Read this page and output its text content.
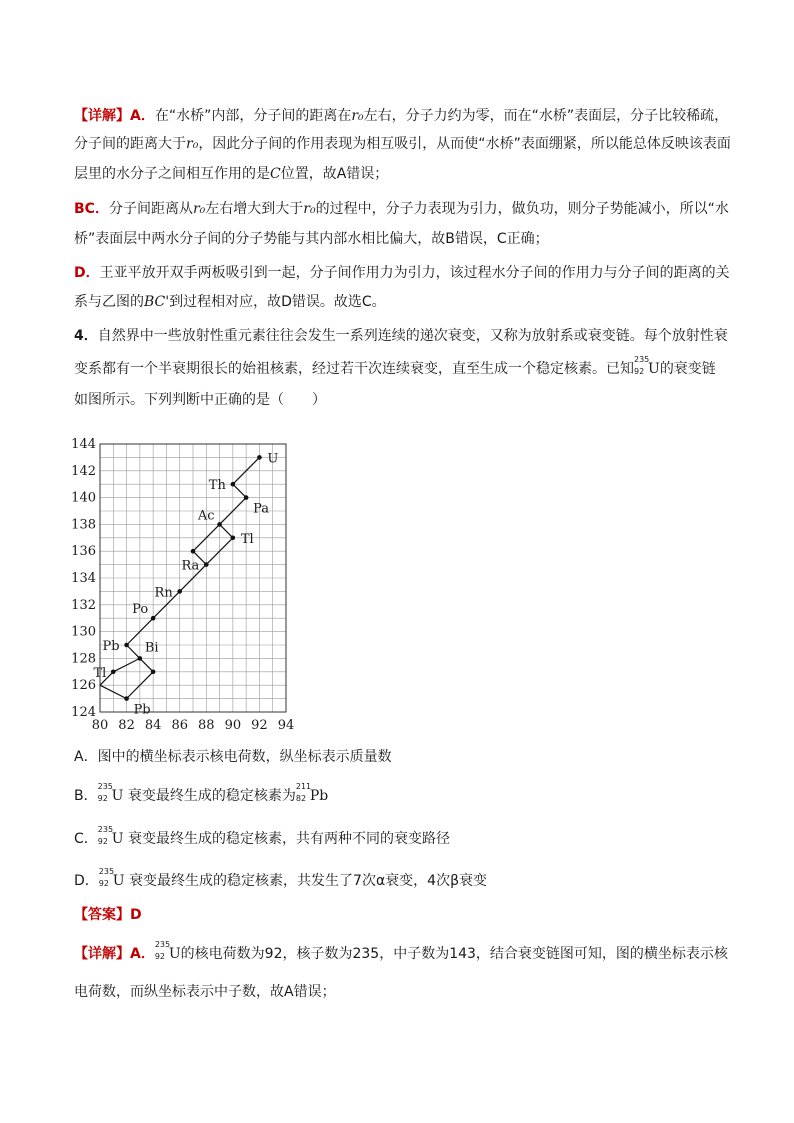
【详解】A．在“水桥”内部，分子间的距离在r₀左右，分子力约为零，而在“水桥”表面层，分子比较稀疏，
分子间的距离大于r₀，因此分子间的作用表现为相互吸引，从而使“水桥”表面绷紧，所以能总体反映该表面
层里的水分子之间相互作用的是C位置，故A错误；
BC．分子间距离从r₀左右增大到大于r₀的过程中，分子力表现为引力，做负功，则分子势能减小，所以“水
桥”表面层中两水分子间的分子势能与其内部水相比偏大，故B错误，C正确；
D．王亚平放开双手两板吸引到一起，分子间作用力为引力，该过程水分子间的作用力与分子间的距离的关
系与乙图的BC'到过程相对应，故D错误。故选C。
4．自然界中一些放射性重元素往往会发生一系列连续的递次衰变，又称为放射系或衰变链。每个放射性衰
变系都有一个半衰期很长的始祖核素，经过若干次连续衰变，直至生成一个稳定核素。已知
235
92 U的衰变链
如图所示。下列判断中正确的是（　　）
80 82 84 86 88 90 92 94
124
126
128
130
132
134
136
138
140
142
144
U
Th
Pa
Ac
Tl
Ra
Rn
Po
Pb Bi
Tl
Pb
A．图中的横坐标表示核电荷数，纵坐标表示质量数
B．
235
92 U 衰变最终生成的稳定核素为
211
82 Pb
C．
235
92 U 衰变最终生成的稳定核素，共有两种不同的衰变路径
D．
235
92 U 衰变最终生成的稳定核素，共发生了7次α衰变，4次β衰变
【答案】D
【详解】A．
235
92 U的核电荷数为92，核子数为235，中子数为143，结合衰变链图可知，图的横坐标表示核
电荷数，而纵坐标表示中子数，故A错误；
